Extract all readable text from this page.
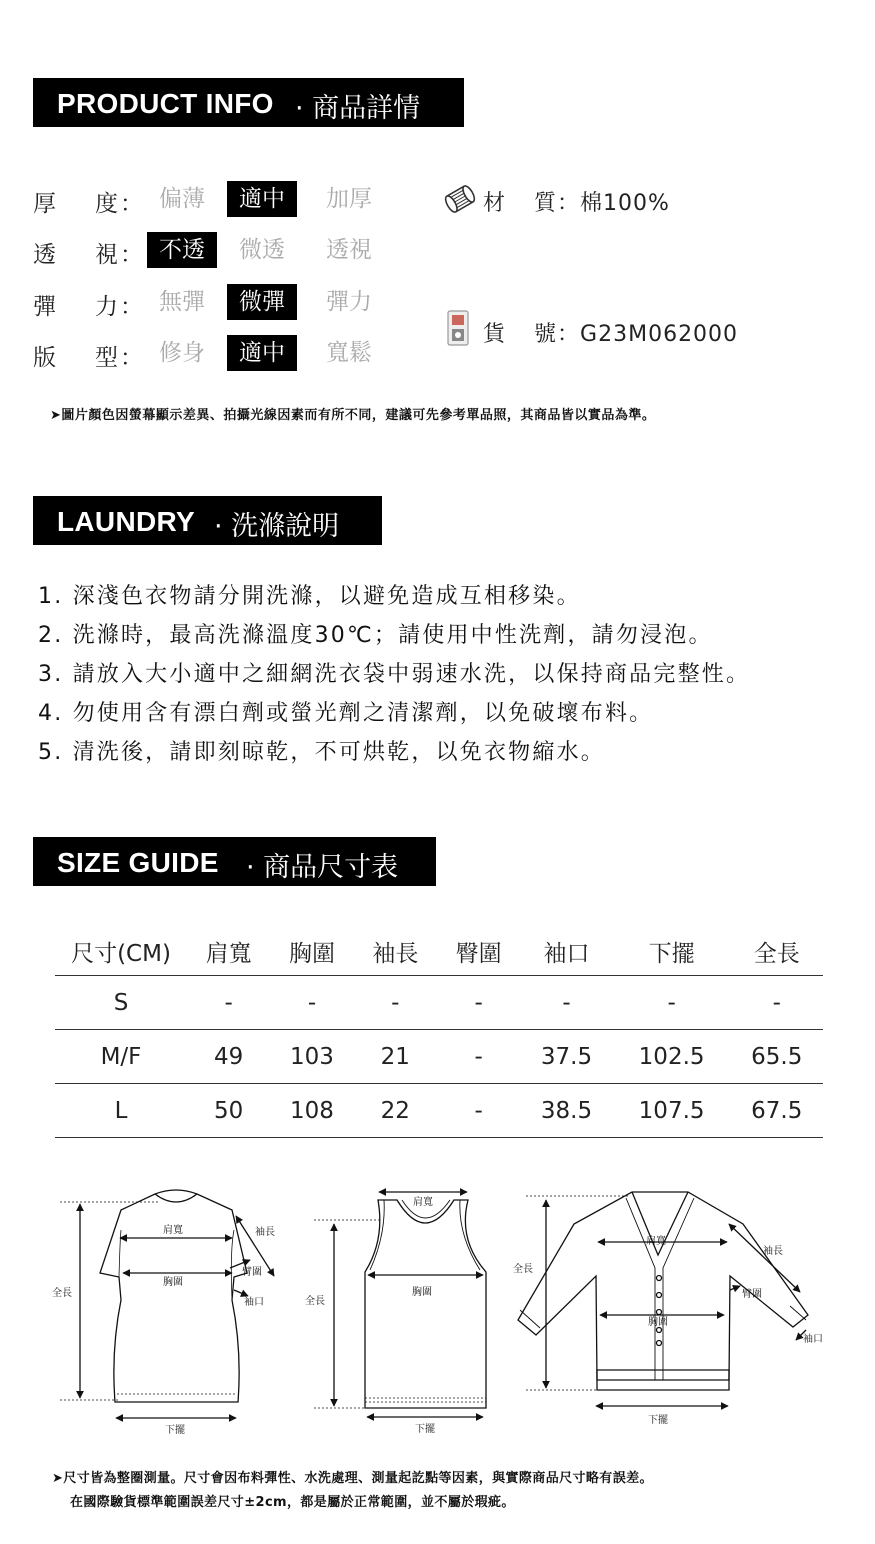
PRODUCT INFO · 商品詳情
厚 度 ： 偏薄	適中	加厚
透 視 ： 不透	微透	透視
彈 力 ： 無彈	微彈	彈力
版 型 ： 修身	適中	寬鬆
材 質：棉100%
貨 號：G23M062000
➤圖片顏色因螢幕顯示差異、拍攝光線因素而有所不同，建議可先參考單品照，其商品皆以實品為準。
LAUNDRY · 洗滌說明
1. 深淺色衣物請分開洗滌，以避免造成互相移染。
2. 洗滌時，最高洗滌溫度30℃；請使用中性洗劑，請勿浸泡。
3. 請放入大小適中之細網洗衣袋中弱速水洗，以保持商品完整性。
4. 勿使用含有漂白劑或螢光劑之清潔劑，以免破壞布料。
5. 清洗後，請即刻晾乾，不可烘乾，以免衣物縮水。
SIZE GUIDE · 商品尺寸表
尺寸(CM)	肩寬	胸圍	袖長	臀圍	袖口	下擺	全長
S	-	-	-	-	-	-	-
M/F	49	103	21	-	37.5	102.5	65.5
L	50	108	22	-	38.5	107.5	67.5
肩寬
胸圍
袖長
臂圍
袖口
全長
下擺
肩寬
胸圍
全長
下擺
肩寬
胸圍
袖長
臂圍
袖口
全長
下擺
➤尺寸皆為整圈測量。尺寸會因布料彈性、水洗處理、測量起訖點等因素，與實際商品尺寸略有誤差。
在國際驗貨標準範圍誤差尺寸±2cm，都是屬於正常範圍，並不屬於瑕疵。
